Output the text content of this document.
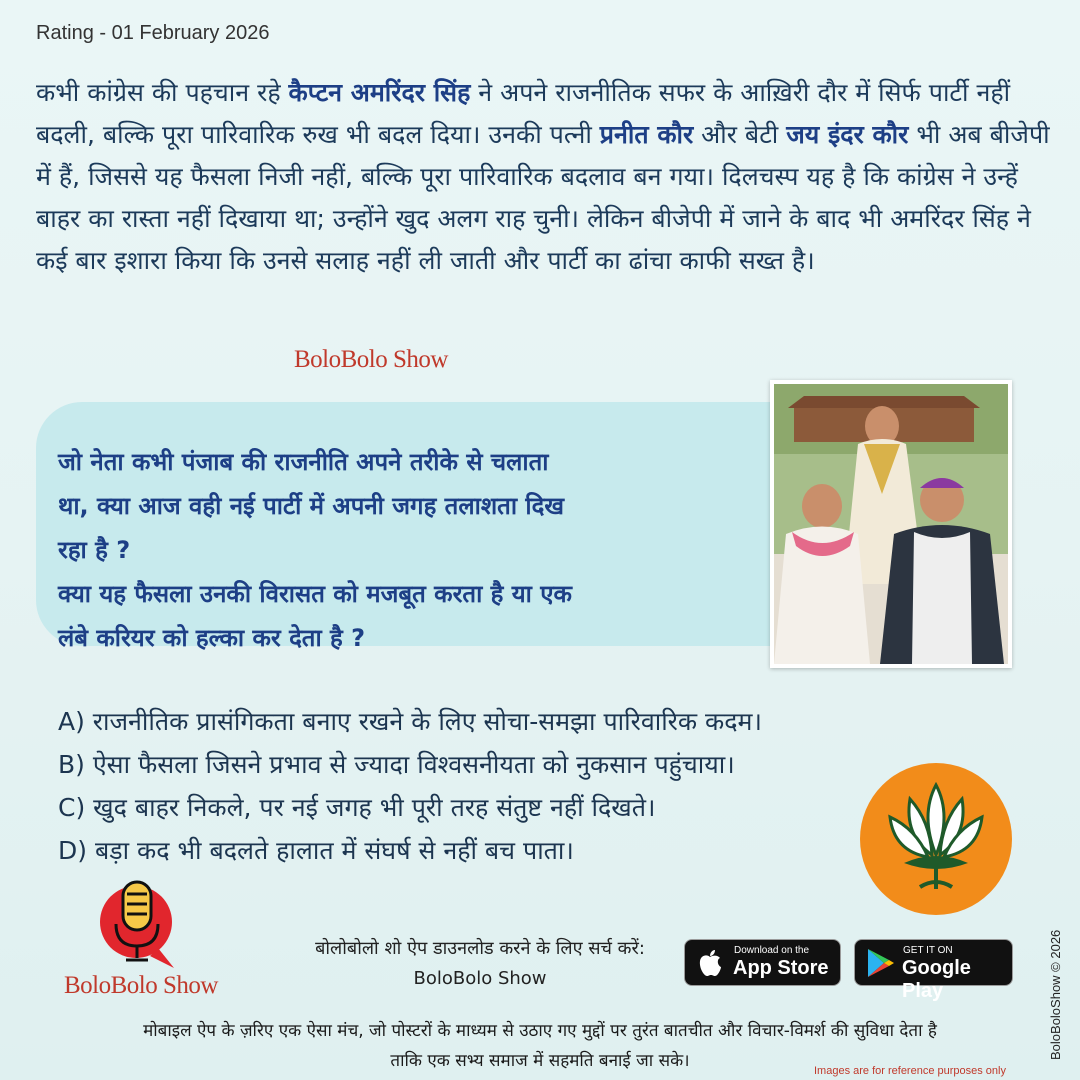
Rating - 01 February 2026
कभी कांग्रेस की पहचान रहे कैप्टन अमरिंदर सिंह ने अपने राजनीतिक सफर के आख़िरी दौर में सिर्फ पार्टी नहीं बदली, बल्कि पूरा पारिवारिक रुख भी बदल दिया। उनकी पत्नी प्रनीत कौर और बेटी जय इंदर कौर भी अब बीजेपी में हैं, जिससे यह फैसला निजी नहीं, बल्कि पूरा पारिवारिक बदलाव बन गया। दिलचस्प यह है कि कांग्रेस ने उन्हें बाहर का रास्ता नहीं दिखाया था; उन्होंने खुद अलग राह चुनी। लेकिन बीजेपी में जाने के बाद भी अमरिंदर सिंह ने कई बार इशारा किया कि उनसे सलाह नहीं ली जाती और पार्टी का ढांचा काफी सख्त है।
BoloBolo Show
जो नेता कभी पंजाब की राजनीति अपने तरीके से चलाता
था, क्या आज वही नई पार्टी में अपनी जगह तलाशता दिख
रहा है ?
क्या यह फैसला उनकी विरासत को मजबूत करता है या एक
लंबे करियर को हल्का कर देता है ?
A) राजनीतिक प्रासंगिकता बनाए रखने के लिए सोचा-समझा पारिवारिक कदम।
B) ऐसा फैसला जिसने प्रभाव से ज्यादा विश्वसनीयता को नुकसान पहुंचाया।
C) खुद बाहर निकले, पर नई जगह भी पूरी तरह संतुष्ट नहीं दिखते।
D) बड़ा कद भी बदलते हालात में संघर्ष से नहीं बच पाता।
BoloBolo Show
बोलोबोलो शो ऐप डाउनलोड करने के लिए सर्च करें:
BoloBolo Show
Download on the
App Store
GET IT ON
Google Play
मोबाइल ऐप के ज़रिए एक ऐसा मंच, जो पोस्टरों के माध्यम से उठाए गए मुद्दों पर तुरंत बातचीत और विचार-विमर्श की सुविधा देता है
ताकि एक सभ्य समाज में सहमति बनाई जा सके।
BoloBoloShow © 2026
Images are for reference purposes only
